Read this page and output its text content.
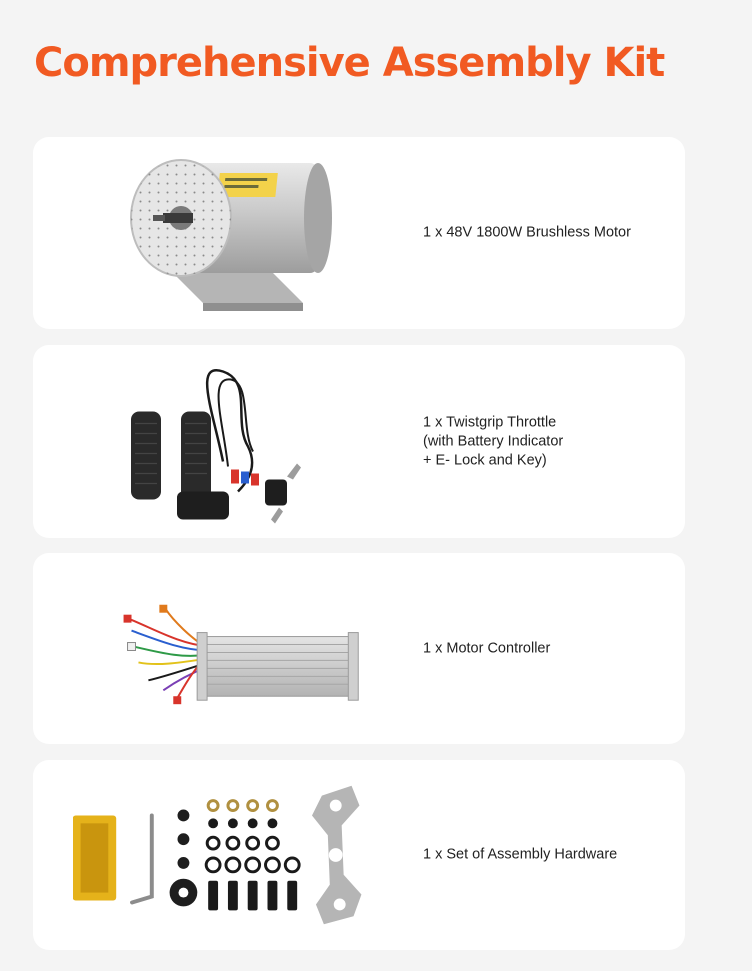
Comprehensive Assembly Kit
1 x 48V 1800W Brushless Motor
1 x Twistgrip Throttle
(with Battery Indicator
+ E- Lock and Key)
1 x Motor Controller
1 x Set of Assembly Hardware
